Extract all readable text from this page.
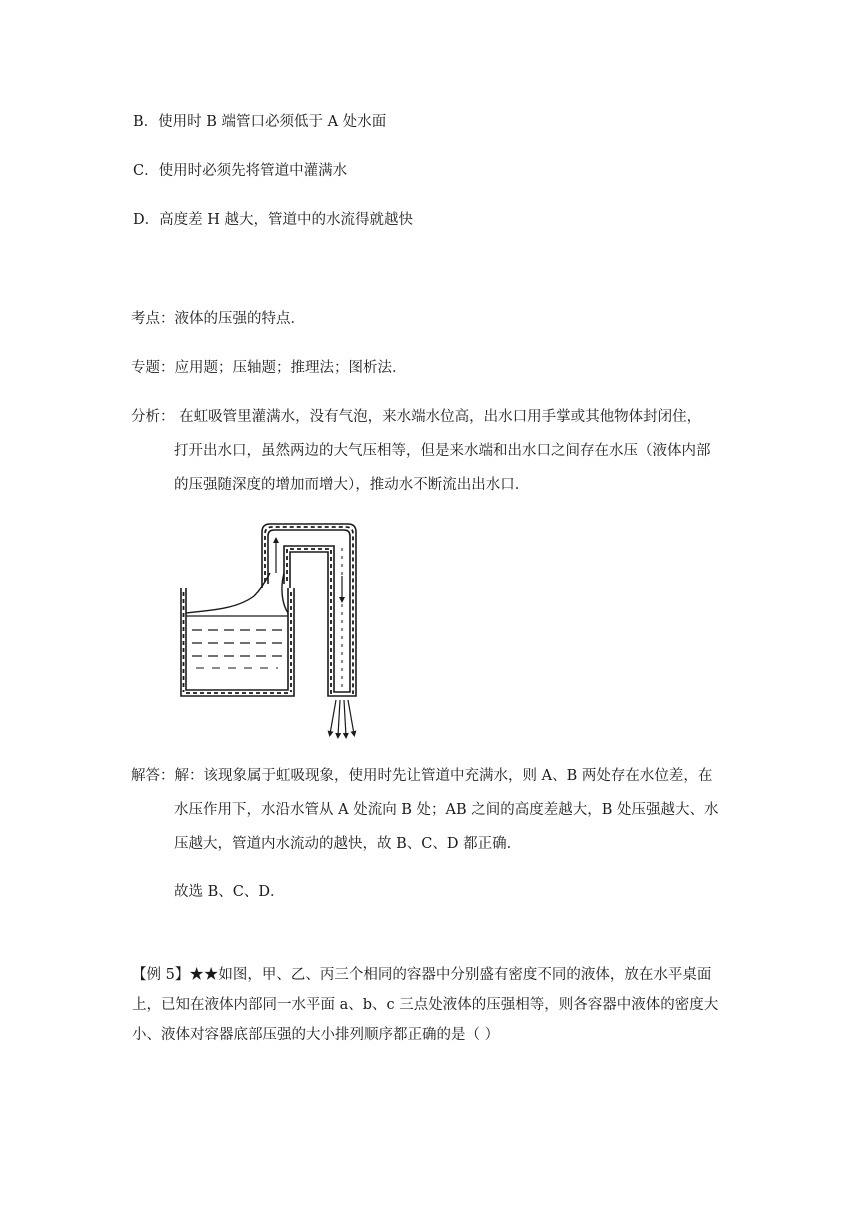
B．使用时 B 端管口必须低于 A 处水面
C．使用时必须先将管道中灌满水
D．高度差 H 越大，管道中的水流得就越快
考点：液体的压强的特点．
专题：应用题；压轴题；推理法；图析法．
分析： 在虹吸管里灌满水，没有气泡，来水端水位高，出水口用手掌或其他物体封闭住，
打开出水口，虽然两边的大气压相等，但是来水端和出水口之间存在水压（液体内部
的压强随深度的增加而增大），推动水不断流出出水口．
解答：解：该现象属于虹吸现象，使用时先让管道中充满水，则 A、B 两处存在水位差，在
水压作用下，水沿水管从 A 处流向 B 处；AB 之间的高度差越大，B 处压强越大、水
压越大，管道内水流动的越快，故 B、C、D 都正确．
故选 B、C、D．
【例 5】★★如图，甲、乙、丙三个相同的容器中分别盛有密度不同的液体，放在水平桌面
上，已知在液体内部同一水平面 a、b、c 三点处液体的压强相等，则各容器中液体的密度大
小、液体对容器底部压强的大小排列顺序都正确的是（ ）
